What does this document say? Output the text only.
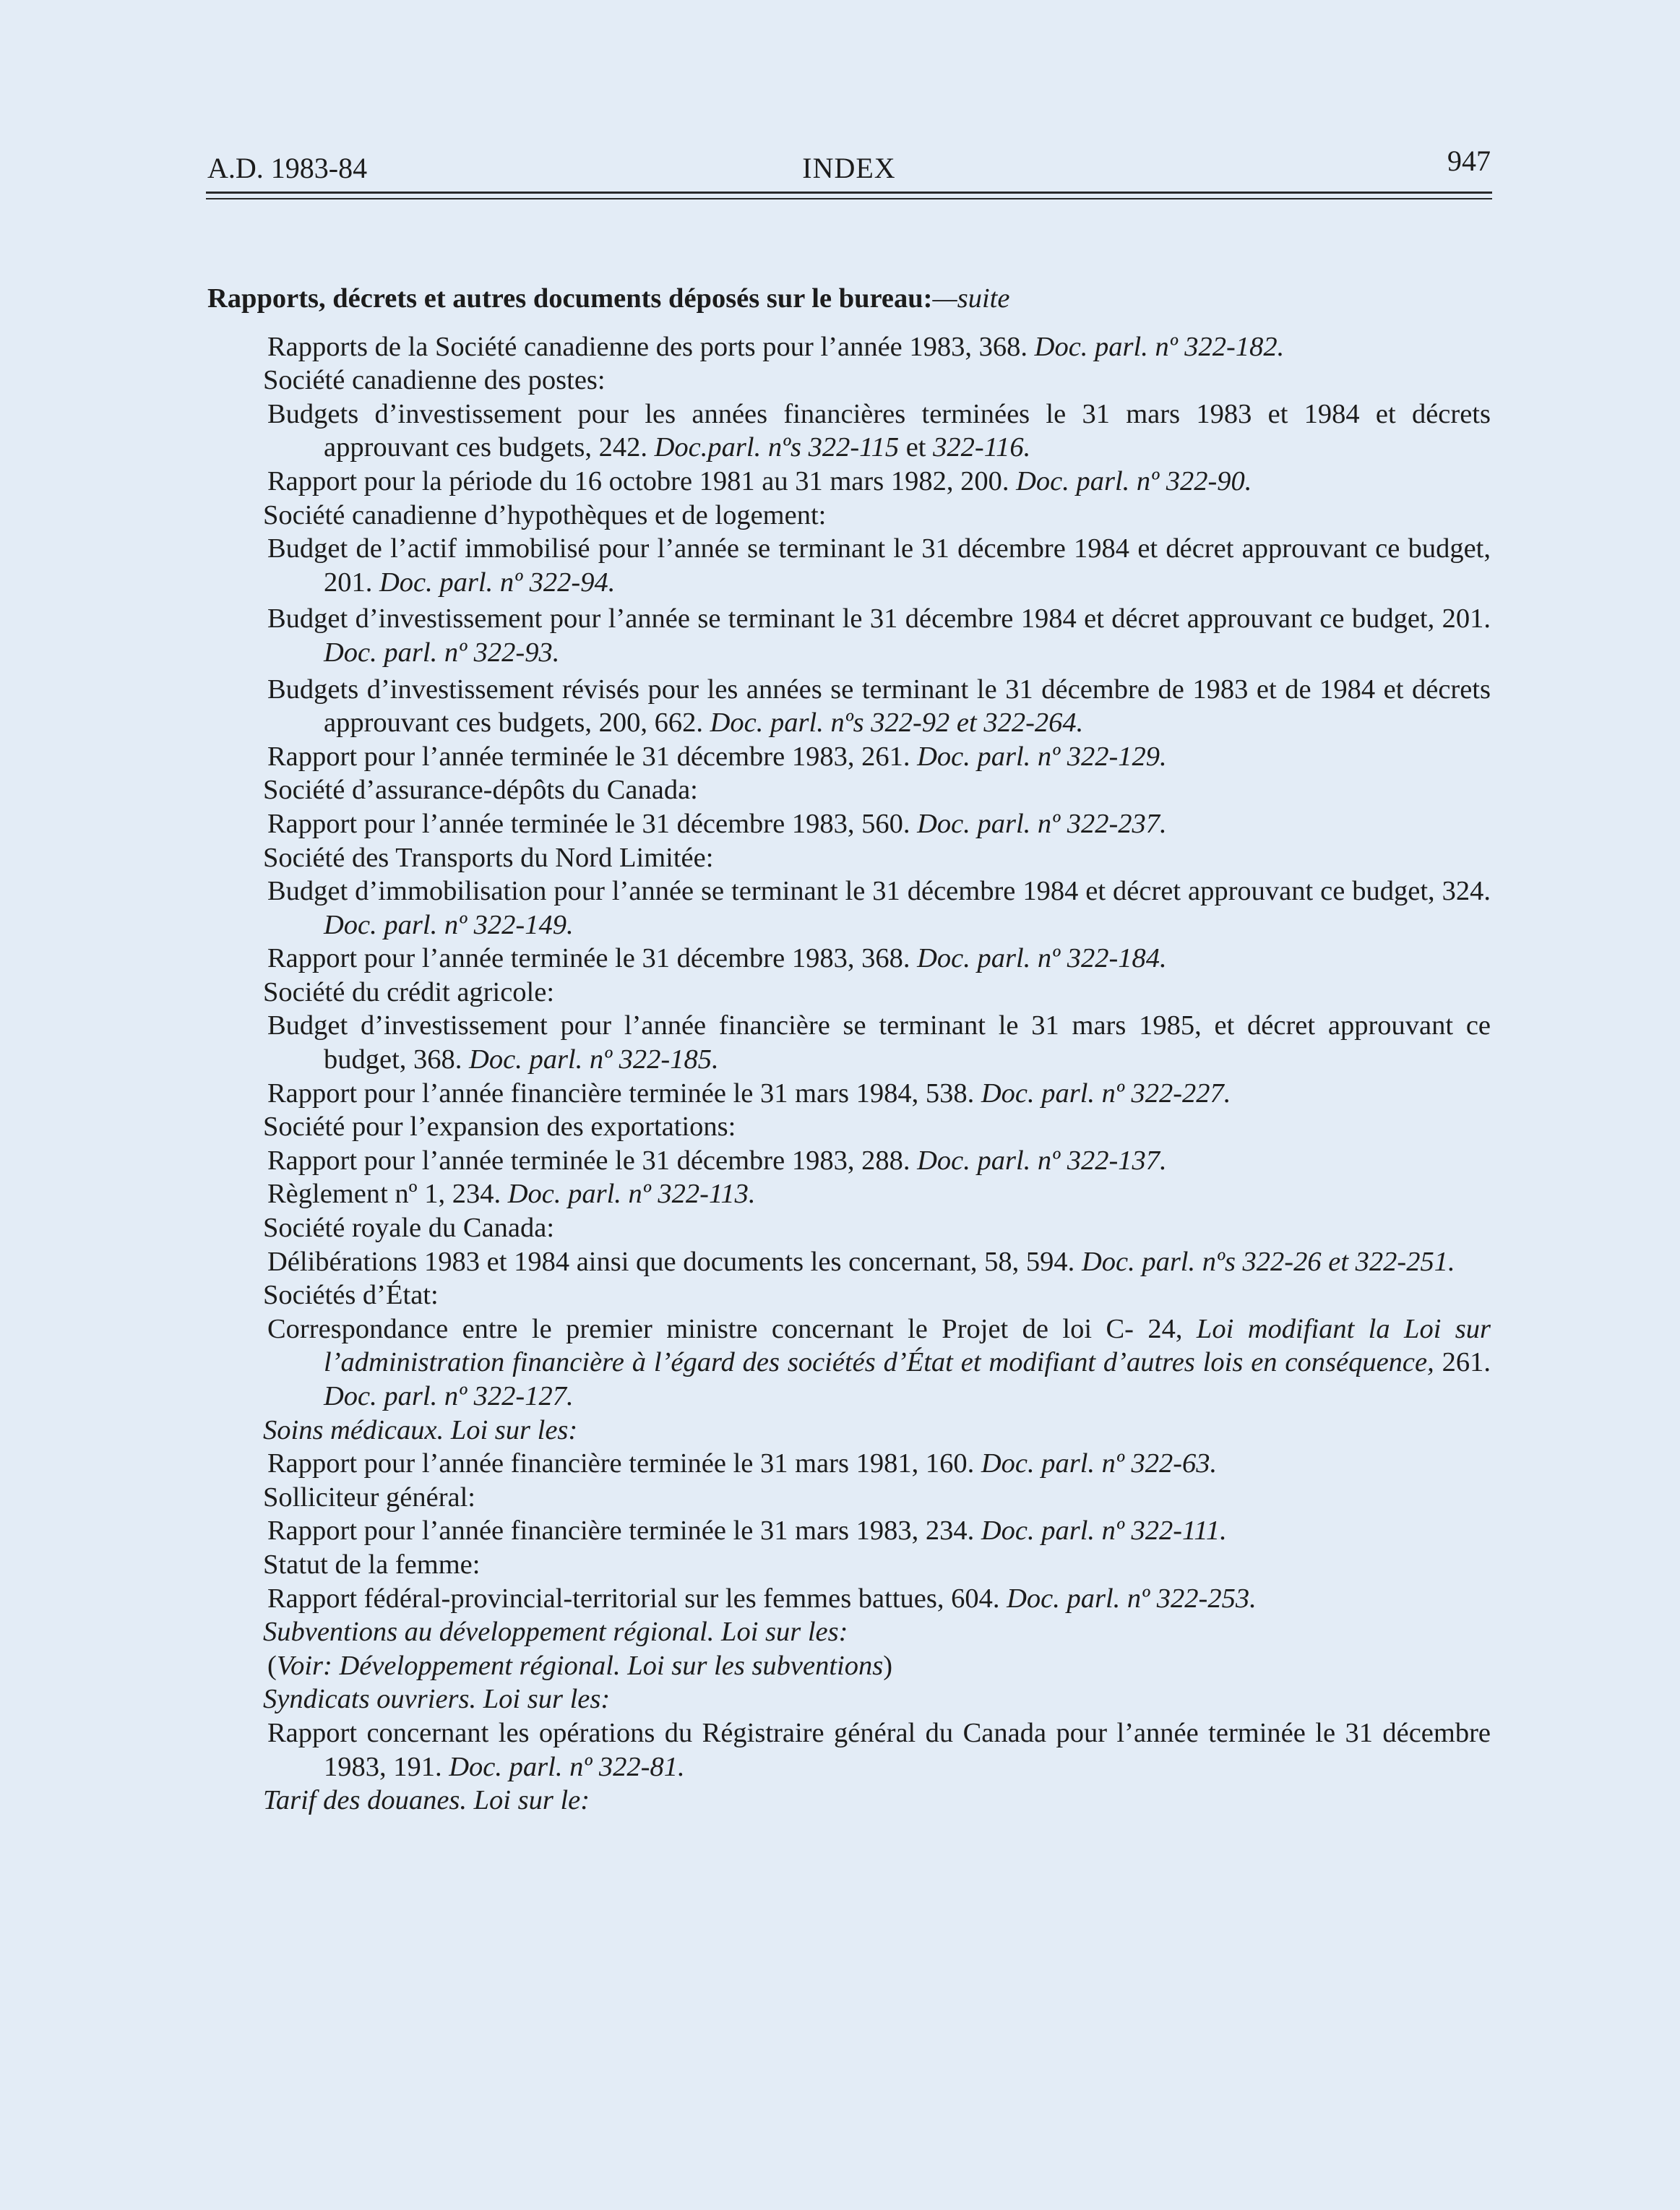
A.D. 1983-84	INDEX	947
Rapports, décrets et autres documents déposés sur le bureau:—suite
Rapports de la Société canadienne des ports pour l’année 1983, 368. Doc. parl. nº 322-182.
Société canadienne des postes:
Budgets d’investissement pour les années financières terminées le 31 mars 1983 et 1984 et décrets approuvant ces budgets, 242. Doc.parl. nºs 322-115 et 322-116.
Rapport pour la période du 16 octobre 1981 au 31 mars 1982, 200. Doc. parl. nº 322-90.
Société canadienne d’hypothèques et de logement:
Budget de l’actif immobilisé pour l’année se terminant le 31 décembre 1984 et décret approuvant ce budget, 201. Doc. parl. nº 322-94.
Budget d’investissement pour l’année se terminant le 31 décembre 1984 et décret approuvant ce budget, 201. Doc. parl. nº 322-93.
Budgets d’investissement révisés pour les années se terminant le 31 décembre de 1983 et de 1984 et décrets approuvant ces budgets, 200, 662. Doc. parl. nºs 322-92 et 322-264.
Rapport pour l’année terminée le 31 décembre 1983, 261. Doc. parl. nº 322-129.
Société d’assurance-dépôts du Canada:
Rapport pour l’année terminée le 31 décembre 1983, 560. Doc. parl. nº 322-237.
Société des Transports du Nord Limitée:
Budget d’immobilisation pour l’année se terminant le 31 décembre 1984 et décret approuvant ce budget, 324. Doc. parl. nº 322-149.
Rapport pour l’année terminée le 31 décembre 1983, 368. Doc. parl. nº 322-184.
Société du crédit agricole:
Budget d’investissement pour l’année financière se terminant le 31 mars 1985, et décret approuvant ce budget, 368. Doc. parl. nº 322-185.
Rapport pour l’année financière terminée le 31 mars 1984, 538. Doc. parl. nº 322-227.
Société pour l’expansion des exportations:
Rapport pour l’année terminée le 31 décembre 1983, 288. Doc. parl. nº 322-137.
Règlement nº 1, 234. Doc. parl. nº 322-113.
Société royale du Canada:
Délibérations 1983 et 1984 ainsi que documents les concernant, 58, 594. Doc. parl. nºs 322-26 et 322-251.
Sociétés d’État:
Correspondance entre le premier ministre concernant le Projet de loi C- 24, Loi modifiant la Loi sur l’administration financière à l’égard des sociétés d’État et modifiant d’autres lois en conséquence, 261. Doc. parl. nº 322-127.
Soins médicaux. Loi sur les:
Rapport pour l’année financière terminée le 31 mars 1981, 160. Doc. parl. nº 322-63.
Solliciteur général:
Rapport pour l’année financière terminée le 31 mars 1983, 234. Doc. parl. nº 322-111.
Statut de la femme:
Rapport fédéral-provincial-territorial sur les femmes battues, 604. Doc. parl. nº 322-253.
Subventions au développement régional. Loi sur les:
(Voir: Développement régional. Loi sur les subventions)
Syndicats ouvriers. Loi sur les:
Rapport concernant les opérations du Régistraire général du Canada pour l’année terminée le 31 décembre 1983, 191. Doc. parl. nº 322-81.
Tarif des douanes. Loi sur le:
